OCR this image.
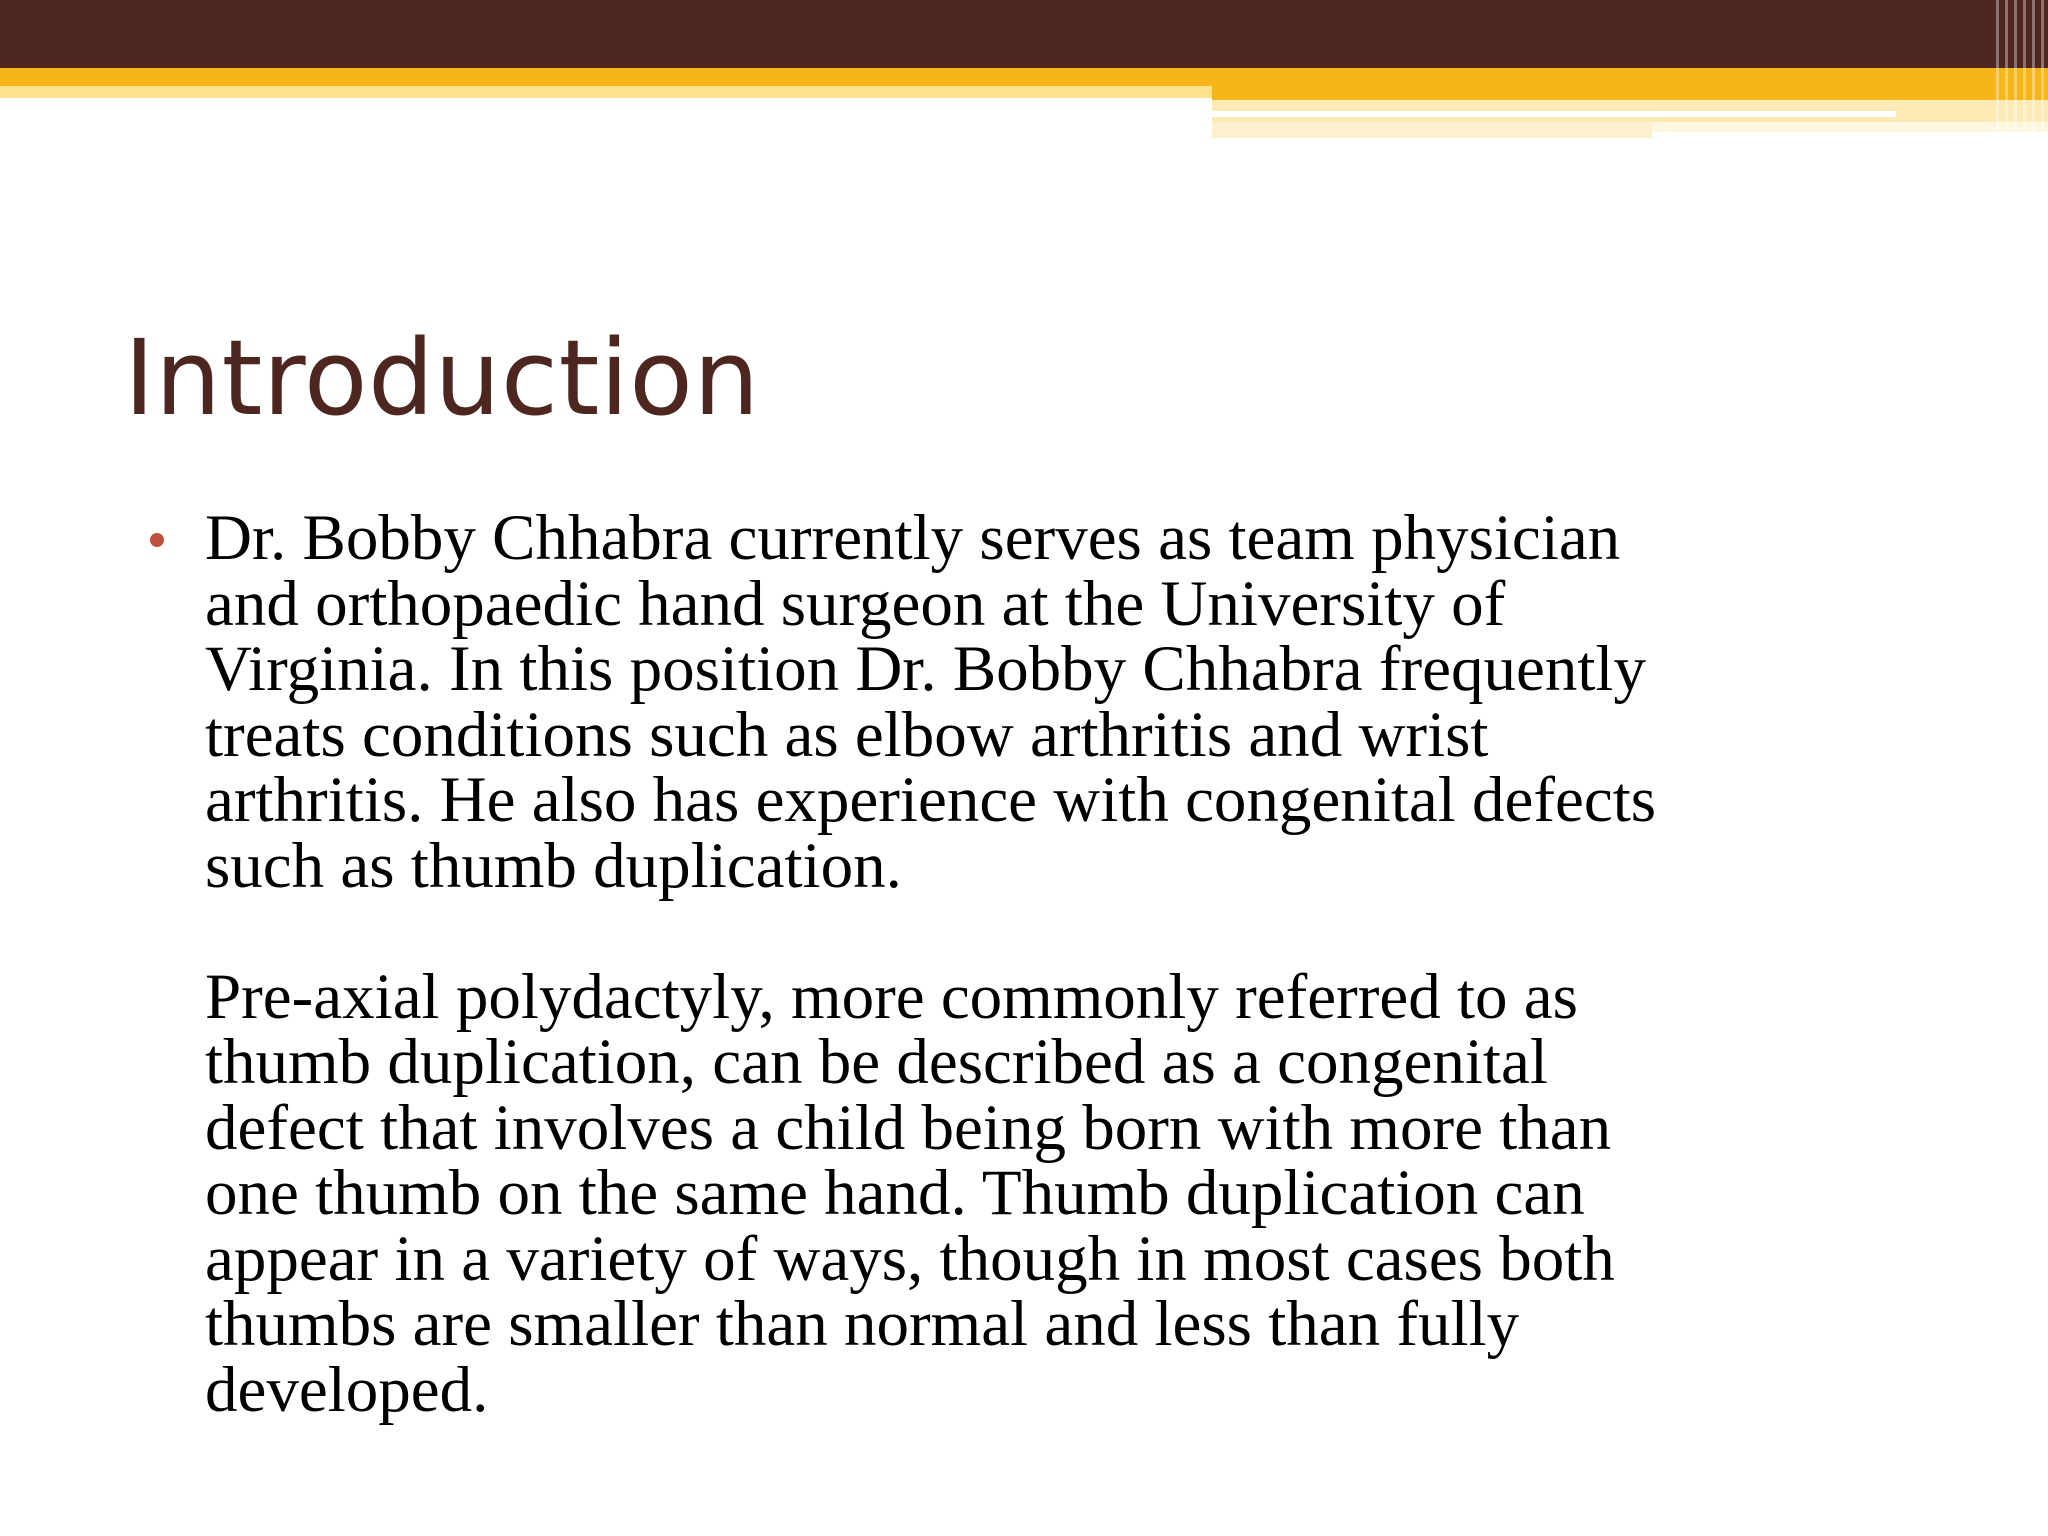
Introduction

Dr. Bobby Chhabra currently serves as team physician
and orthopaedic hand surgeon at the University of
Virginia. In this position Dr. Bobby Chhabra frequently
treats conditions such as elbow arthritis and wrist
arthritis. He also has experience with congenital defects
such as thumb duplication.

Pre-axial polydactyly, more commonly referred to as
thumb duplication, can be described as a congenital
defect that involves a child being born with more than
one thumb on the same hand. Thumb duplication can
appear in a variety of ways, though in most cases both
thumbs are smaller than normal and less than fully
developed.
